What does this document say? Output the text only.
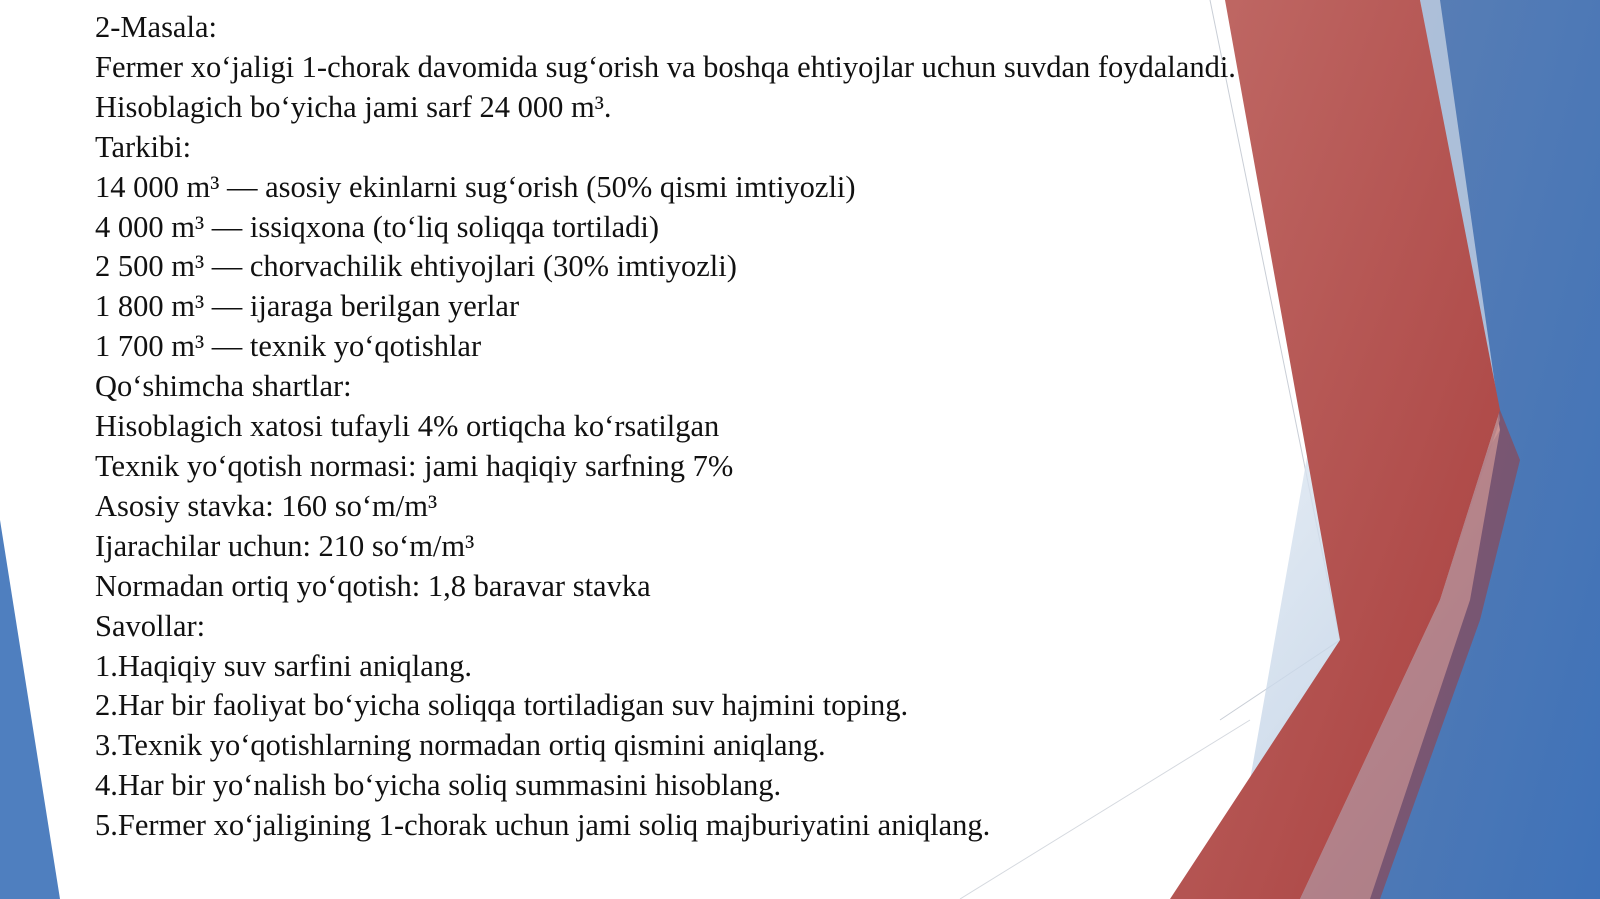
2-Masala:
Fermer xoʻjaligi 1-chorak davomida sugʻorish va boshqa ehtiyojlar uchun suvdan foydalandi.
Hisoblagich boʻyicha jami sarf 24 000 m³.
Tarkibi:
14 000 m³ — asosiy ekinlarni sugʻorish (50% qismi imtiyozli)
4 000 m³ — issiqxona (toʻliq soliqqa tortiladi)
2 500 m³ — chorvachilik ehtiyojlari (30% imtiyozli)
1 800 m³ — ijaraga berilgan yerlar
1 700 m³ — texnik yoʻqotishlar
Qoʻshimcha shartlar:
Hisoblagich xatosi tufayli 4% ortiqcha koʻrsatilgan
Texnik yoʻqotish normasi: jami haqiqiy sarfning 7%
Asosiy stavka: 160 soʻm/m³
Ijarachilar uchun: 210 soʻm/m³
Normadan ortiq yoʻqotish: 1,8 baravar stavka
Savollar:
1.Haqiqiy suv sarfini aniqlang.
2.Har bir faoliyat boʻyicha soliqqa tortiladigan suv hajmini toping.
3.Texnik yoʻqotishlarning normadan ortiq qismini aniqlang.
4.Har bir yoʻnalish boʻyicha soliq summasini hisoblang.
5.Fermer xoʻjaligining 1-chorak uchun jami soliq majburiyatini aniqlang.
